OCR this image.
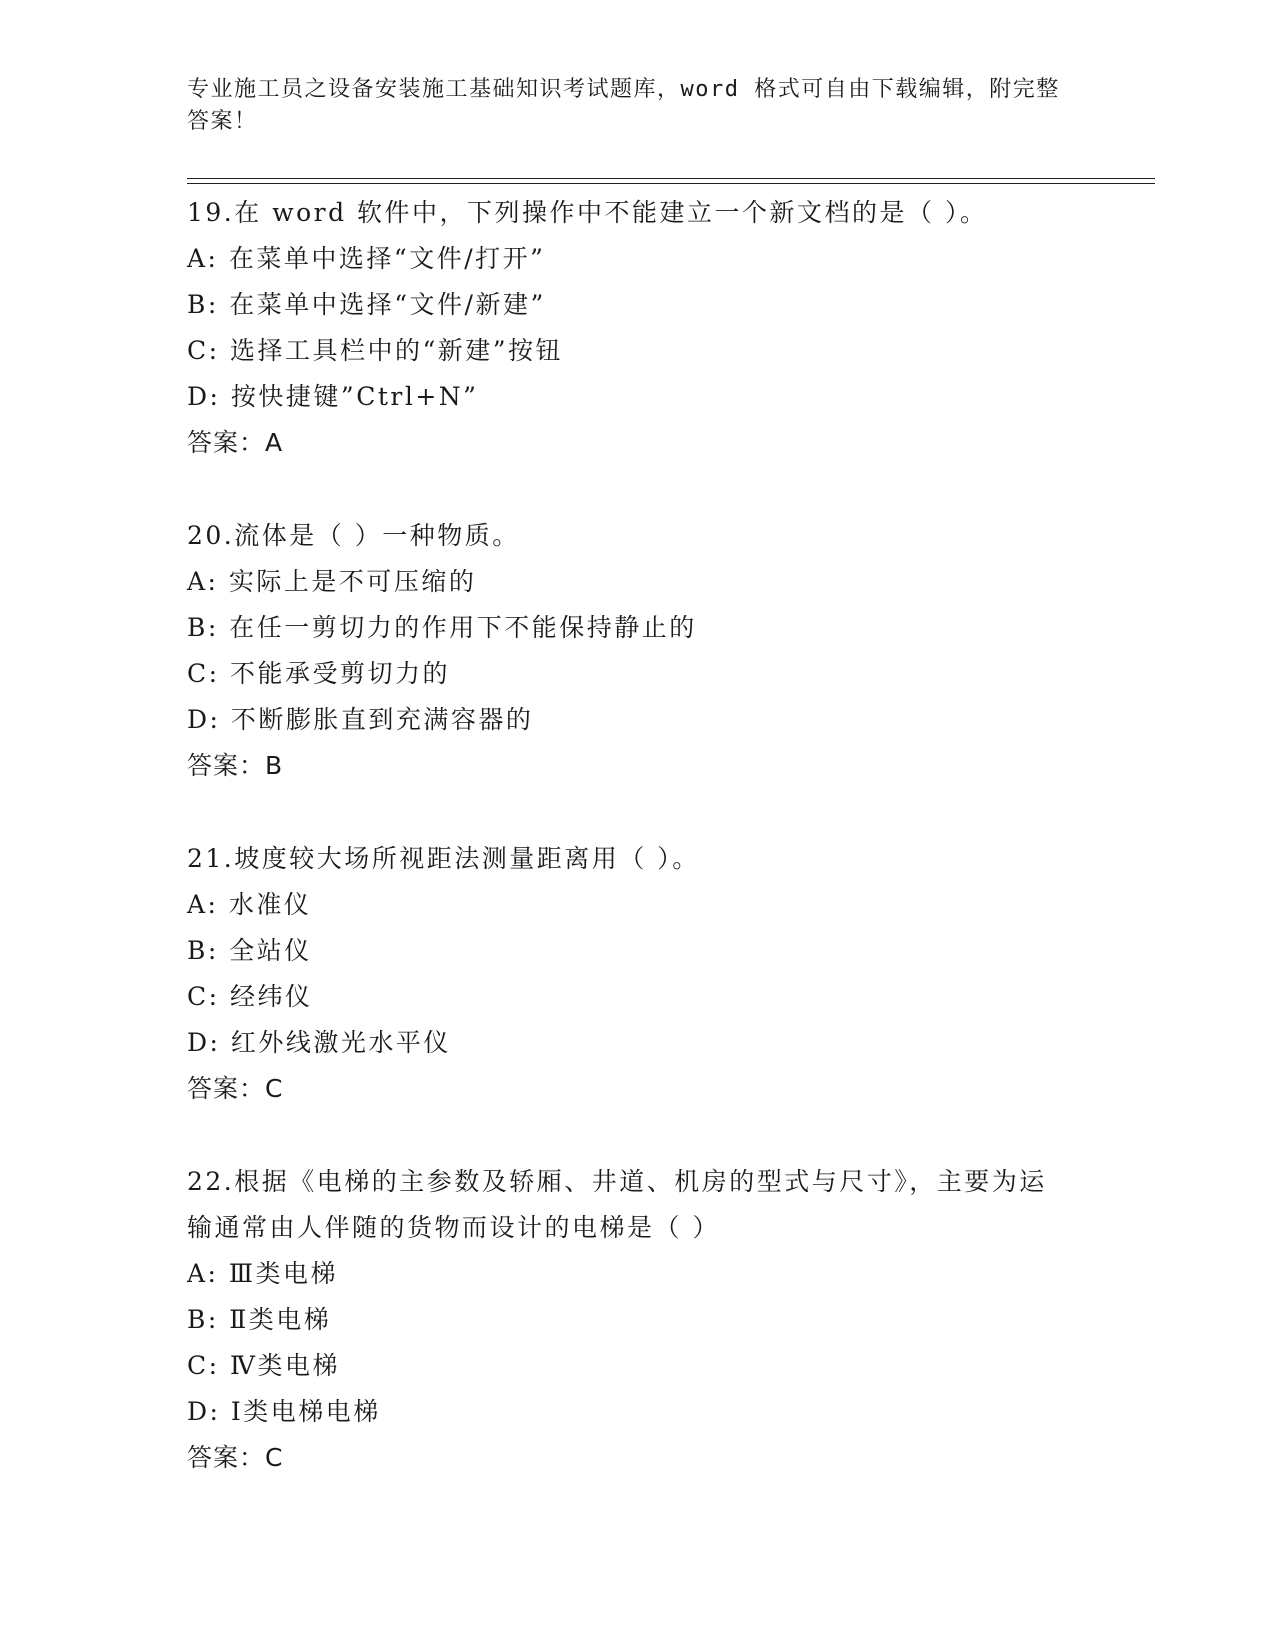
专业施工员之设备安装施工基础知识考试题库，word 格式可自由下载编辑，附完整答案！
19.在 word 软件中，下列操作中不能建立一个新文档的是（ ）。
A: 在菜单中选择“文件/打开”
B: 在菜单中选择“文件/新建”
C: 选择工具栏中的“新建”按钮
D: 按快捷键”Ctrl+N”
答案：A
20.流体是（ ）一种物质。
A: 实际上是不可压缩的
B: 在任一剪切力的作用下不能保持静止的
C: 不能承受剪切力的
D: 不断膨胀直到充满容器的
答案：B
21.坡度较大场所视距法测量距离用（ ）。
A: 水准仪
B: 全站仪
C: 经纬仪
D: 红外线激光水平仪
答案：C
22.根据《电梯的主参数及轿厢、井道、机房的型式与尺寸》，主要为运输通常由人伴随的货物而设计的电梯是（ ）
A: Ⅲ类电梯
B: Ⅱ类电梯
C: Ⅳ类电梯
D: Ⅰ类电梯电梯
答案：C
